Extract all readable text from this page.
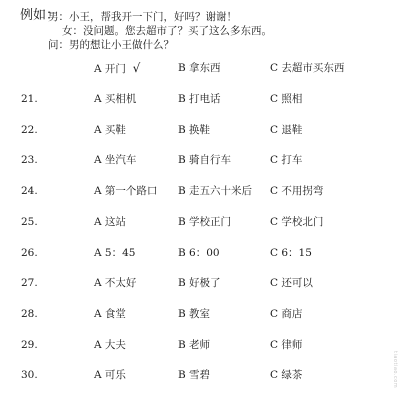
例如：
男：小王，帮我开一下门，好吗？谢谢！
女：没问题。您去超市了？买了这么多东西。
问：男的想让小王做什么？
A 开门 √	B 拿东西	C 去超市买东西
21.	A 买相机	B 打电话	C 照相
22.	A 买鞋	B 换鞋	C 退鞋
23.	A 坐汽车	B 骑自行车	C 打车
24.	A 第一个路口 B 走五六十米后 C 不用拐弯
25.	A 这站	B 学校正门	C 学校北门
26.	A 5：45	B 6：00	C 6：15
27.	A 不太好	B 好极了	C 还可以
28.	A 食堂	B 教室	C 商店
29.	A 大夫	B 老师	C 律师
30.	A 可乐	B 雪碧	C 绿茶	tiaotiao.com
